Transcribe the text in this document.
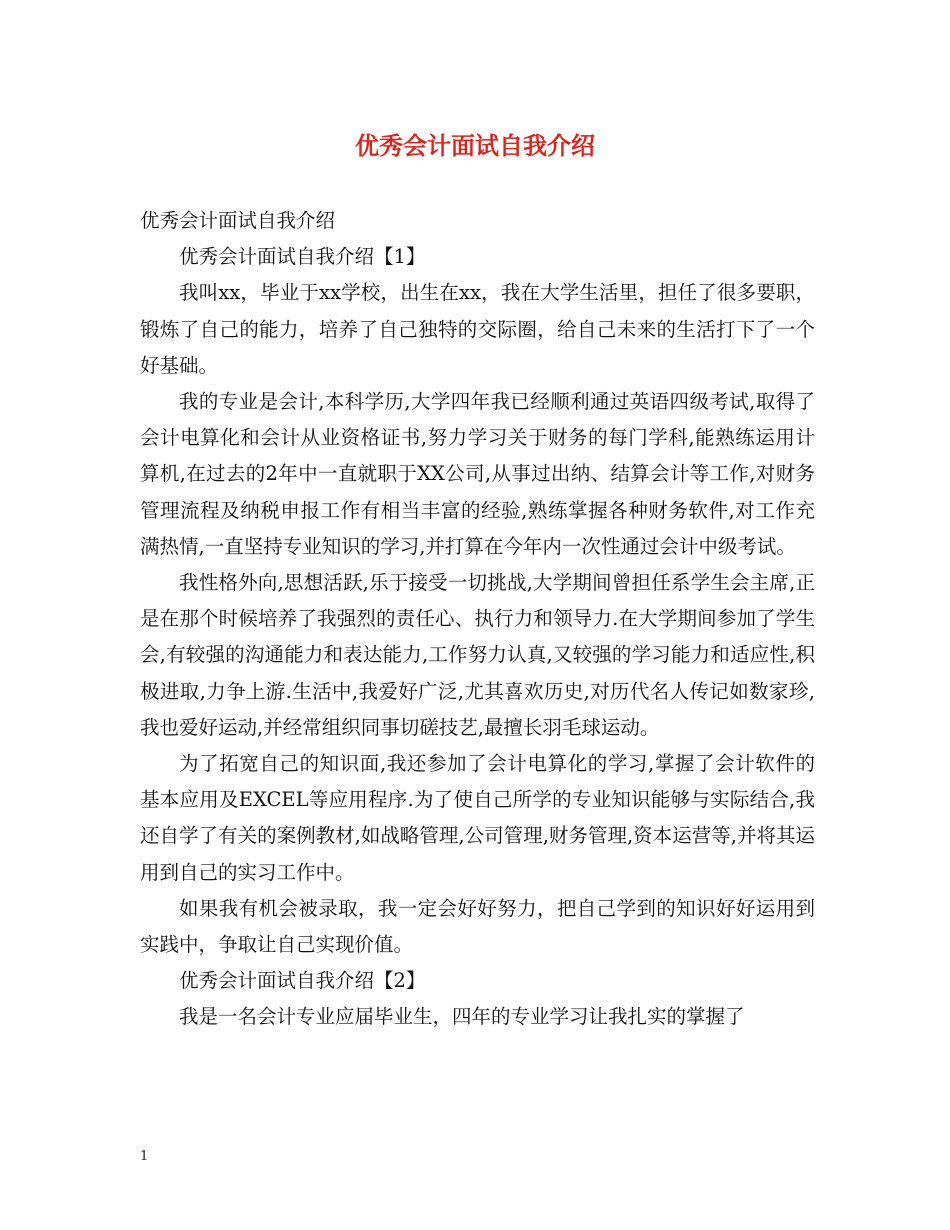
优秀会计面试自我介绍

优秀会计面试自我介绍

优秀会计面试自我介绍【1】

我叫xx，毕业于xx学校，出生在xx，我在大学生活里，担任了很多要职，锻炼了自己的能力，培养了自己独特的交际圈，给自己未来的生活打下了一个好基础。

我的专业是会计,本科学历,大学四年我已经顺利通过英语四级考试,取得了会计电算化和会计从业资格证书,努力学习关于财务的每门学科,能熟练运用计算机,在过去的2年中一直就职于XX公司,从事过出纳、结算会计等工作,对财务管理流程及纳税申报工作有相当丰富的经验,熟练掌握各种财务软件,对工作充满热情,一直坚持专业知识的学习,并打算在今年内一次性通过会计中级考试。

我性格外向,思想活跃,乐于接受一切挑战,大学期间曾担任系学生会主席,正是在那个时候培养了我强烈的责任心、执行力和领导力.在大学期间参加了学生会,有较强的沟通能力和表达能力,工作努力认真,又较强的学习能力和适应性,积极进取,力争上游.生活中,我爱好广泛,尤其喜欢历史,对历代名人传记如数家珍,我也爱好运动,并经常组织同事切磋技艺,最擅长羽毛球运动。

为了拓宽自己的知识面,我还参加了会计电算化的学习,掌握了会计软件的基本应用及EXCEL等应用程序.为了使自己所学的专业知识能够与实际结合,我还自学了有关的案例教材,如战略管理,公司管理,财务管理,资本运营等,并将其运用到自己的实习工作中。

如果我有机会被录取，我一定会好好努力，把自己学到的知识好好运用到实践中，争取让自己实现价值。

优秀会计面试自我介绍【2】

我是一名会计专业应届毕业生，四年的专业学习让我扎实的掌握了

1
